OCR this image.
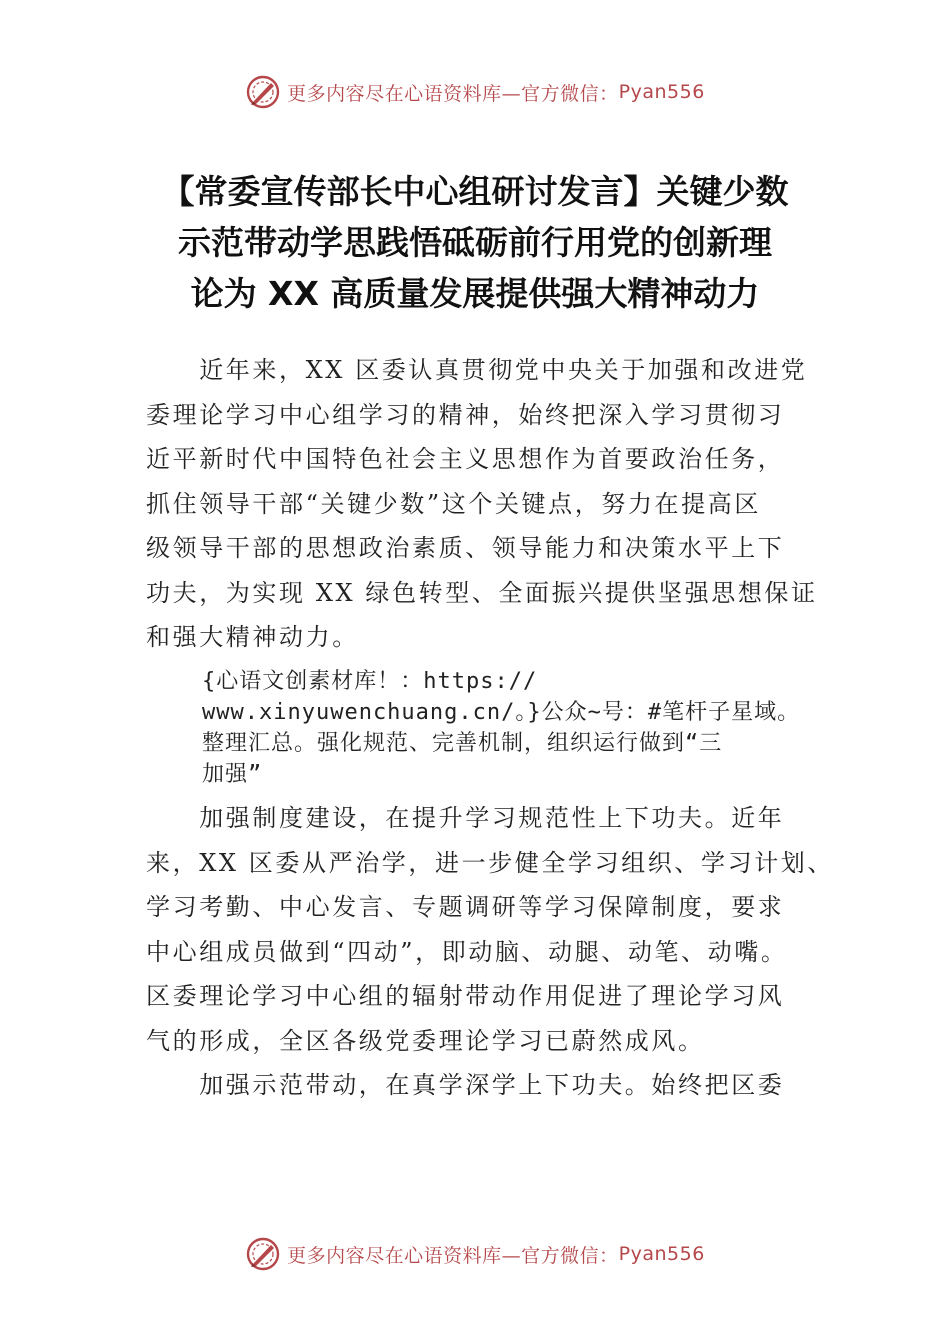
更多内容尽在心语资料库—官方微信： Pyan556
【常委宣传部长中心组研讨发言】关键少数
示范带动学思践悟砥砺前行用党的创新理
论为 XX 高质量发展提供强大精神动力
　　近年来，XX 区委认真贯彻党中央关于加强和改进党
委理论学习中心组学习的精神，始终把深入学习贯彻习
近平新时代中国特色社会主义思想作为首要政治任务，
抓住领导干部“关键少数”这个关键点，努力在提高区
级领导干部的思想政治素质、领导能力和决策水平上下
功夫，为实现 XX 绿色转型、全面振兴提供坚强思想保证
和强大精神动力。
{心语文创素材库！：https://
www.xinyuwenchuang.cn/。}公众~号：#笔杆子星域。
整理汇总。强化规范、完善机制，组织运行做到“三
加强”
　　加强制度建设，在提升学习规范性上下功夫。近年
来，XX 区委从严治学，进一步健全学习组织、学习计划、
学习考勤、中心发言、专题调研等学习保障制度，要求
中心组成员做到“四动”，即动脑、动腿、动笔、动嘴。
区委理论学习中心组的辐射带动作用促进了理论学习风
气的形成，全区各级党委理论学习已蔚然成风。
　　加强示范带动，在真学深学上下功夫。始终把区委
更多内容尽在心语资料库—官方微信： Pyan556
